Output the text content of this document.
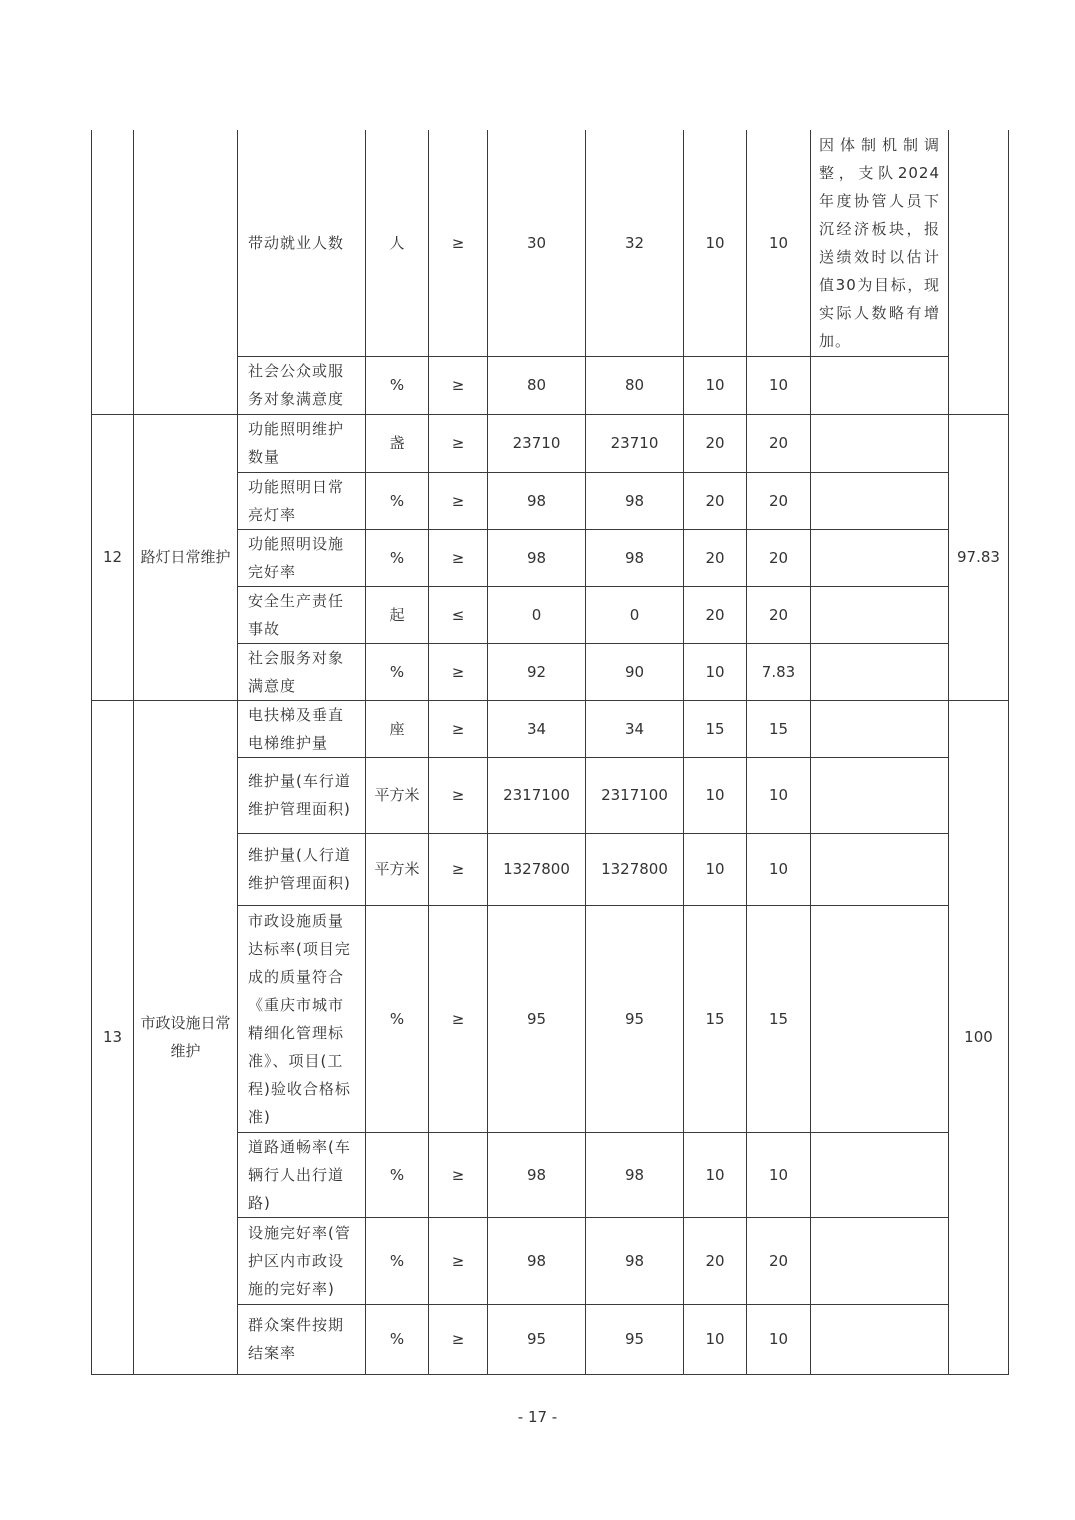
		带动就业人数	人	≥	30	32	10	10	因体制机制调整，支队2024年度协管人员下沉经济板块，报送绩效时以估计值30为目标，现实际人数略有增加。	
		社会公众或服务对象满意度	%	≥	80	80	10	10		
12	路灯日常维护	功能照明维护数量	盏	≥	23710	23710	20	20		97.83
		功能照明日常亮灯率	%	≥	98	98	20	20		
		功能照明设施完好率	%	≥	98	98	20	20		
		安全生产责任事故	起	≤	0	0	20	20		
		社会服务对象满意度	%	≥	92	90	10	7.83		
13	市政设施日常维护	电扶梯及垂直电梯维护量	座	≥	34	34	15	15		100
		维护量(车行道维护管理面积)	平方米	≥	2317100	2317100	10	10		
		维护量(人行道维护管理面积)	平方米	≥	1327800	1327800	10	10		
		市政设施质量达标率(项目完成的质量符合《重庆市城市精细化管理标准》、项目(工程)验收合格标准)	%	≥	95	95	15	15		
		道路通畅率(车辆行人出行道路)	%	≥	98	98	10	10		
		设施完好率(管护区内市政设施的完好率)	%	≥	98	98	20	20		
		群众案件按期结案率	%	≥	95	95	10	10		
- 17 -
